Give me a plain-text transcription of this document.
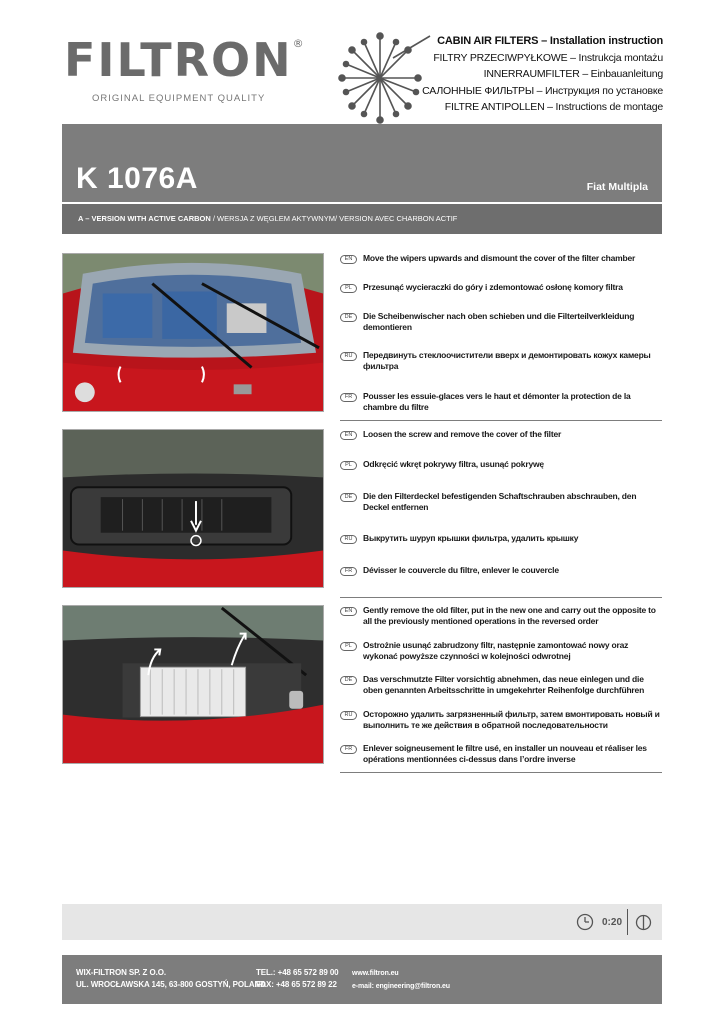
FILTRON®
ORIGINAL EQUIPMENT QUALITY
CABIN AIR FILTERS – Installation instruction
FILTRY PRZECIWPYŁKOWE – Instrukcja montażu
INNERRAUMFILTER – Einbauanleitung
САЛОННЫЕ ФИЛЬТРЫ – Инструкция по установке
FILTRE ANTIPOLLEN – Instructions de montage
K 1076A	Fiat Multipla
A – VERSION WITH ACTIVE CARBON / WERSJA Z WĘGLEM AKTYWNYM/ VERSION AVEC CHARBON ACTIF
EN	Move the wipers upwards and dismount the cover of the filter chamber
PL	Przesunąć wycieraczki do góry i zdemontować osłonę komory filtra
DE	Die Scheibenwischer nach oben schieben und die Filterteilverkleidung demontieren
RU	Передвинуть стеклоочистители вверх и демонтировать кожух камеры фильтра
FR	Pousser les essuie-glaces vers le haut et démonter la protection de la chambre du filtre
EN	Loosen the screw and remove the cover of the filter
PL	Odkręcić wkręt pokrywy filtra, usunąć pokrywę
DE	Die den Filterdeckel befestigenden Schaftschrauben abschrauben, den Deckel entfernen
RU	Выкрутить шуруп крышки фильтра, удалить крышку
FR	Dévisser le couvercle du filtre, enlever le couvercle
EN	Gently remove the old filter, put in the new one and carry out the opposite to all the previously mentioned operations in the reversed order
PL	Ostrożnie usunąć zabrudzony filtr, następnie zamontować nowy oraz wykonać powyższe czynności w kolejności odwrotnej
DE	Das verschmutzte Filter vorsichtig abnehmen, das neue einlegen und die oben genannten Arbeitsschritte in umgekehrter Reihenfolge durchführen
RU	Осторожно удалить загрязненный фильтр, затем вмонтировать новый и выполнить те же действия в обратной последовательности
FR	Enlever soigneusement le filtre usé, en installer un nouveau et réaliser les opérations mentionnées ci-dessus dans l’ordre inverse
0:20
WIX-FILTRON SP. Z O.O.
UL. WROCŁAWSKA 145, 63-800 GOSTYŃ, POLAND
TEL.: +48 65 572 89 00
FAX: +48 65 572 89 22
www.filtron.eu
e-mail: engineering@filtron.eu
